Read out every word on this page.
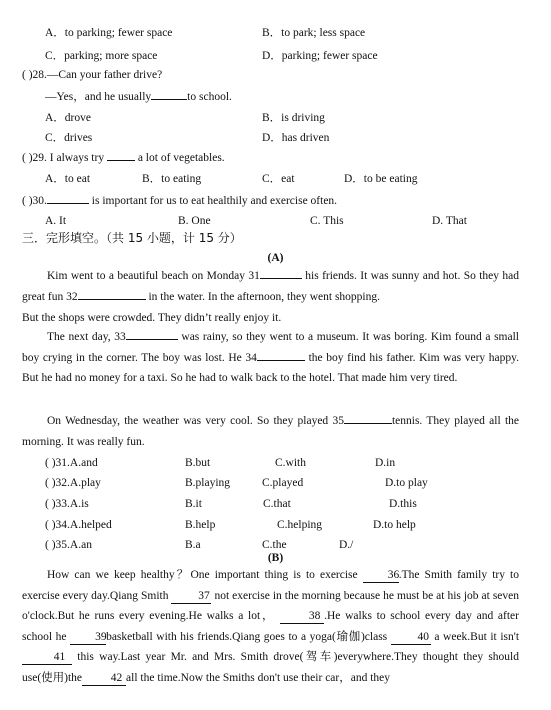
A．to parking; fewer space	B．to park; less space
C．parking; more space	D．parking; fewer space
( )28.—Can your father drive?
—Yes，and he usually	to school.
A．drove	B．is driving
C．drives	D．has driven
( )29. I always try	a lot of vegetables.
A．to eat	B．to eating	C．eat	D．to be eating
( )30.	is important for us to eat healthily and exercise often.
A. It	B. One	C. This	D. That
三．完形填空。（共 15 小题，计 15 分）
(A)
Kim went to a beautiful beach on Monday 31	his friends. It was sunny and hot. So they had great fun 32	in the water. In the afternoon, they went shopping.
But the shops were crowded. They didn’t really enjoy it.
The next day, 33	was rainy, so they went to a museum. It was boring. Kim found a small boy crying in the corner. The boy was lost. He 34	the boy find his father. Kim was very happy. But he had no money for a taxi. So he had to walk back to the hotel. That made him very tired.
On Wednesday, the weather was very cool. So they played 35	tennis. They played all the morning. It was really fun.
( )31.A.and	B.but	C.with	D.in
( )32.A.play	B.playing	C.played	D.to play
( )33.A.is	B.it	C.that	D.this
( )34.A.helped	B.help	C.helping	D.to help
( )35.A.an	B.a	C.the	D./
(B)
How can we keep healthy？One important thing is to exercise	36.The Smith family try to exercise every day.Qiang Smith	37 not exercise in the morning because he must be at his job at seven o'clock.But he runs every evening.He walks a lot，	38 .He walks to school every day and after school he 39basketball with his friends.Qiang goes to a yoga(瑜伽)class	40 a week.But it isn't41 this way.Last year Mr. and Mrs. Smith drove(驾车)everywhere.They thought they should use(使用)the	42 all the time.Now the Smiths don't use their car，and they
